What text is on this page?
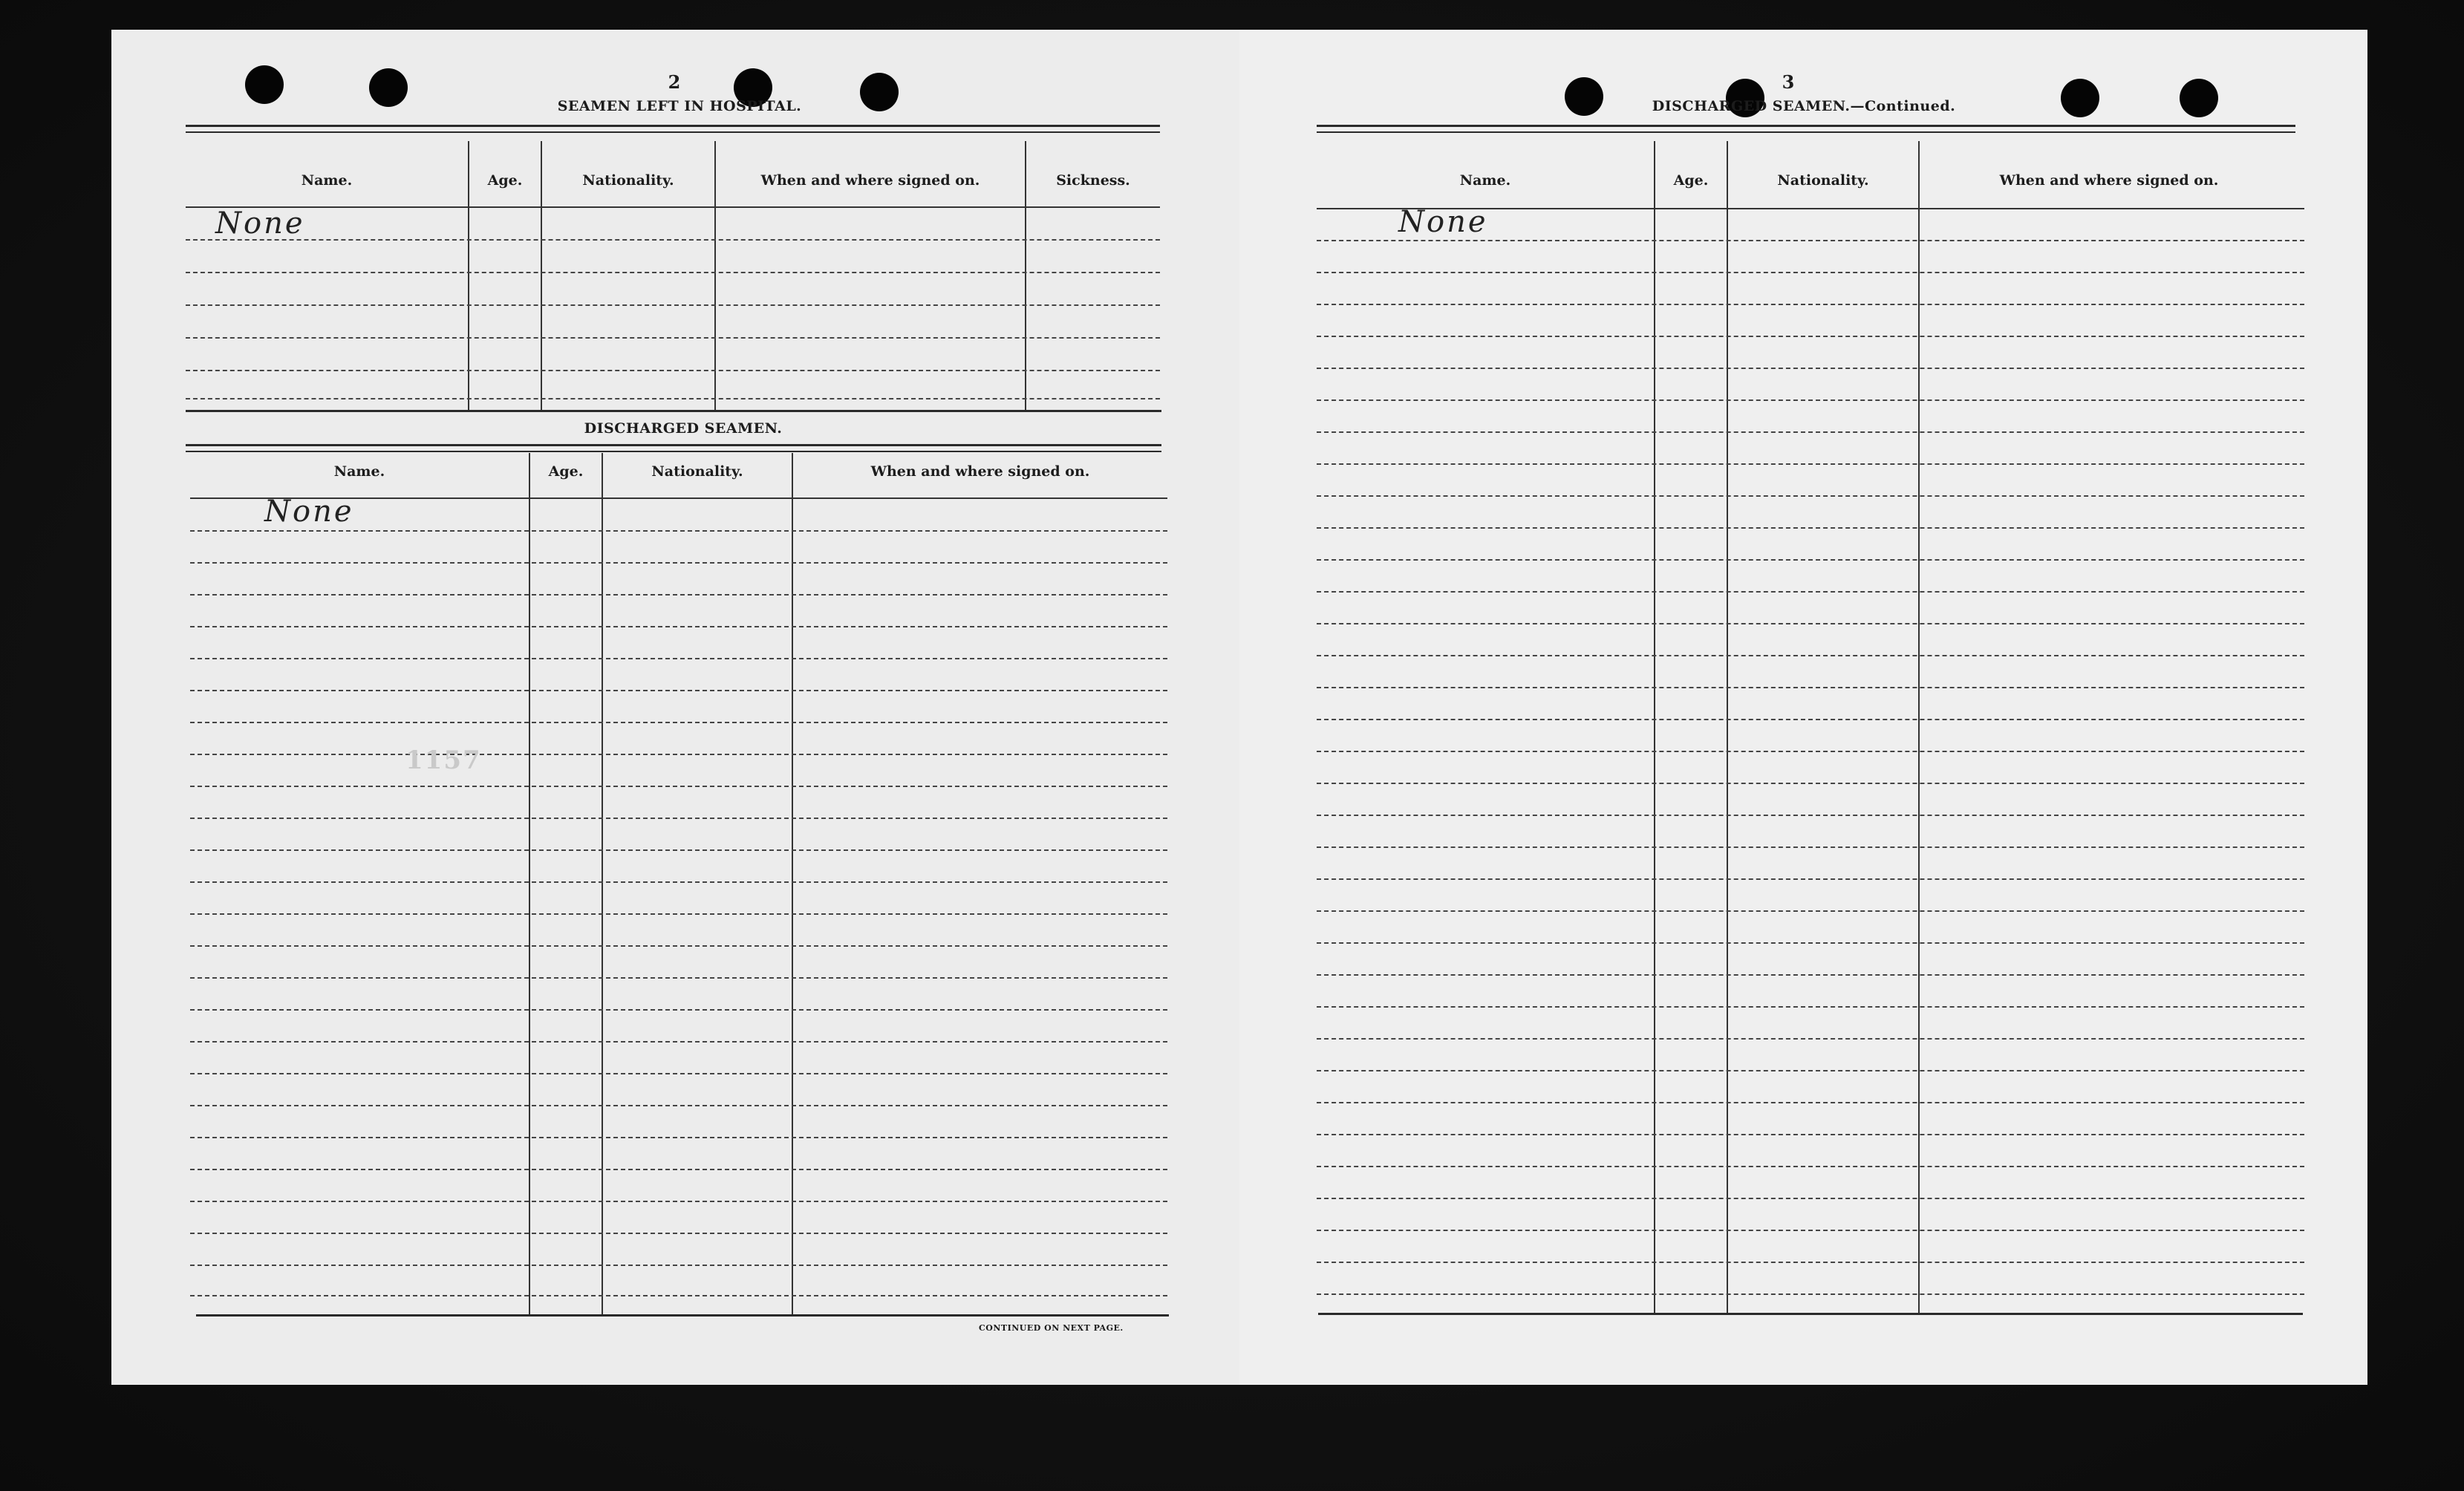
2
SEAMEN LEFT IN HOSPITAL.
Name.	Age.	Nationality.	When and where signed on.	Sickness.
None
DISCHARGED SEAMEN.
Name.	Age.	Nationality.	When and where signed on.
None
1157
CONTINUED ON NEXT PAGE.
3
DISCHARGED SEAMEN.—Continued.
Name.	Age.	Nationality.	When and where signed on.
None
